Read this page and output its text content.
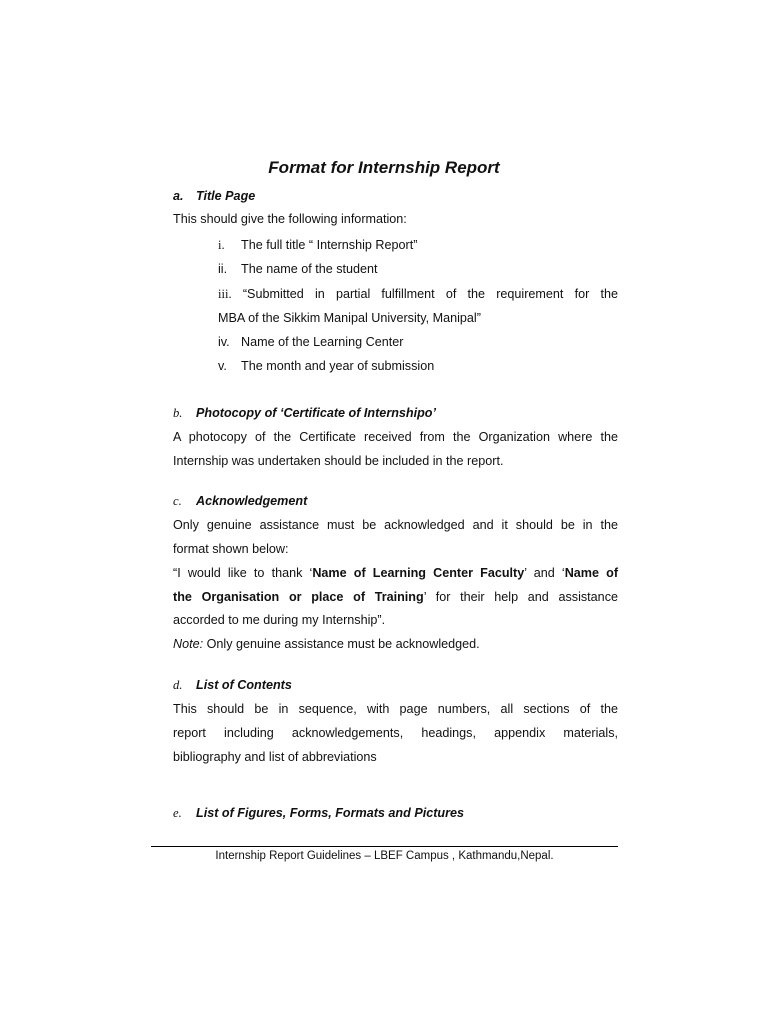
Format for Internship Report
a. Title Page
This should give the following information:
i. The full title “ Internship Report”
ii. The name of the student
iii. “Submitted in partial fulfillment of the requirement for the
MBA of the Sikkim Manipal University, Manipal”
iv. Name of the Learning Center
v. The month and year of submission
b. Photocopy of ‘Certificate of Internshipo’
A photocopy of the Certificate received from the Organization where the
Internship was undertaken should be included in the report.
c. Acknowledgement
Only genuine assistance must be acknowledged and it should be in the
format shown below:
“I would like to thank ‘Name of Learning Center Faculty’ and ‘Name of
the Organisation or place of Training’ for their help and assistance
accorded to me during my Internship”.
Note: Only genuine assistance must be acknowledged.
d. List of Contents
This should be in sequence, with page numbers, all sections of the
report including acknowledgements, headings, appendix materials,
bibliography and list of abbreviations
e. List of Figures, Forms, Formats and Pictures
Internship Report Guidelines – LBEF Campus , Kathmandu,Nepal.
